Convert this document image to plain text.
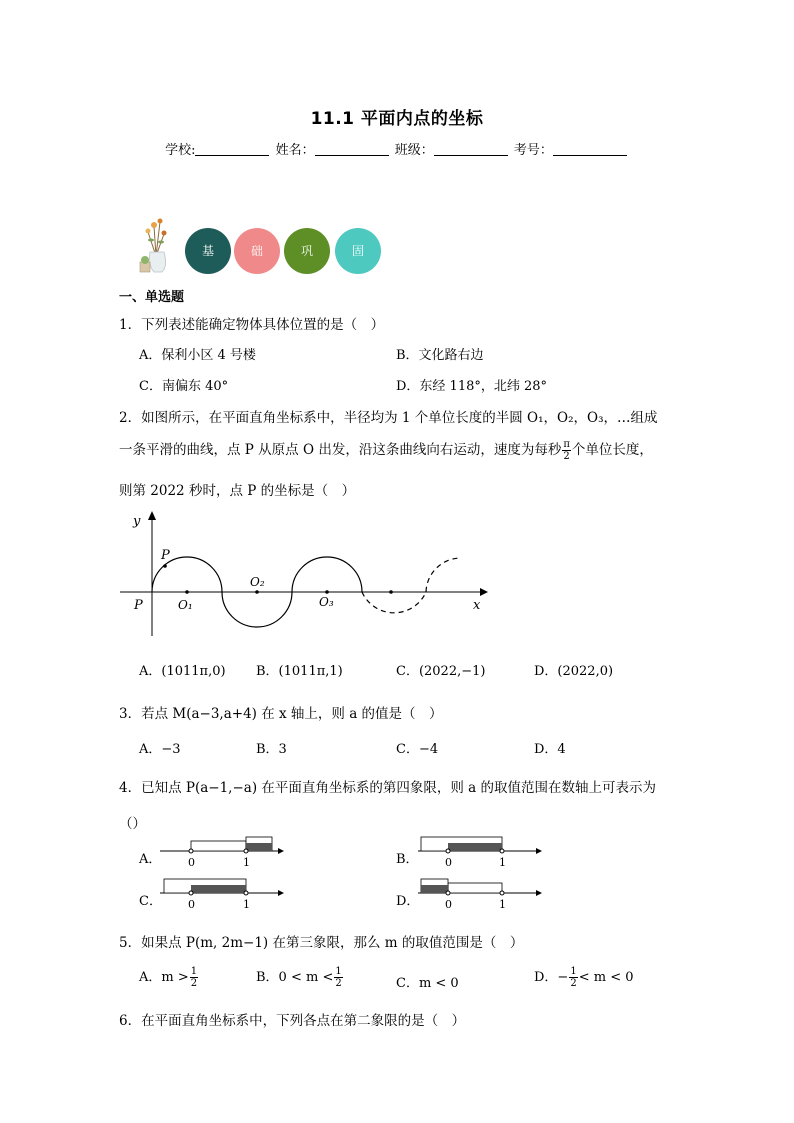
11.1 平面内点的坐标
学校:	姓名：	班级：	考号：
基	础	巩	固
一、单选题
1．下列表述能确定物体具体位置的是（　）
A．保利小区 4 号楼	B．文化路右边
C．南偏东 40°	D．东经 118°，北纬 28°
2．如图所示，在平面直角坐标系中，半径均为 1 个单位长度的半圆 O₁，O₂，O₃，…组成
一条平滑的曲线，点 P 从原点 O 出发，沿这条曲线向右运动，速度为每秒 $\frac{\pi}{2}$ 个单位长度，
则第 2022 秒时，点 P 的坐标是（　）
y
x
P
P	O₁
O₂
O₃
A．(1011π,0) B．(1011π,1)	C．(2022,−1)	D．(2022,0)
3．若点 M(a−3,a+4) 在 x 轴上，则 a 的值是（　）
A．−3	B．3	C．−4	D．4
4．已知点 P(a−1,−a) 在平面直角坐标系的第四象限，则 a 的取值范围在数轴上可表示为
（）
A． 0	1	B． 0	1
C． 0	1	D． 0	1
5．如果点 P(m, 2m−1) 在第三象限，那么 m 的取值范围是（　）
A．$m > \frac{1}{2}$	B．$0 < m < \frac{1}{2}$	C．m < 0	D．− $\frac{1}{2} < m < 0$
6．在平面直角坐标系中，下列各点在第二象限的是（　）
